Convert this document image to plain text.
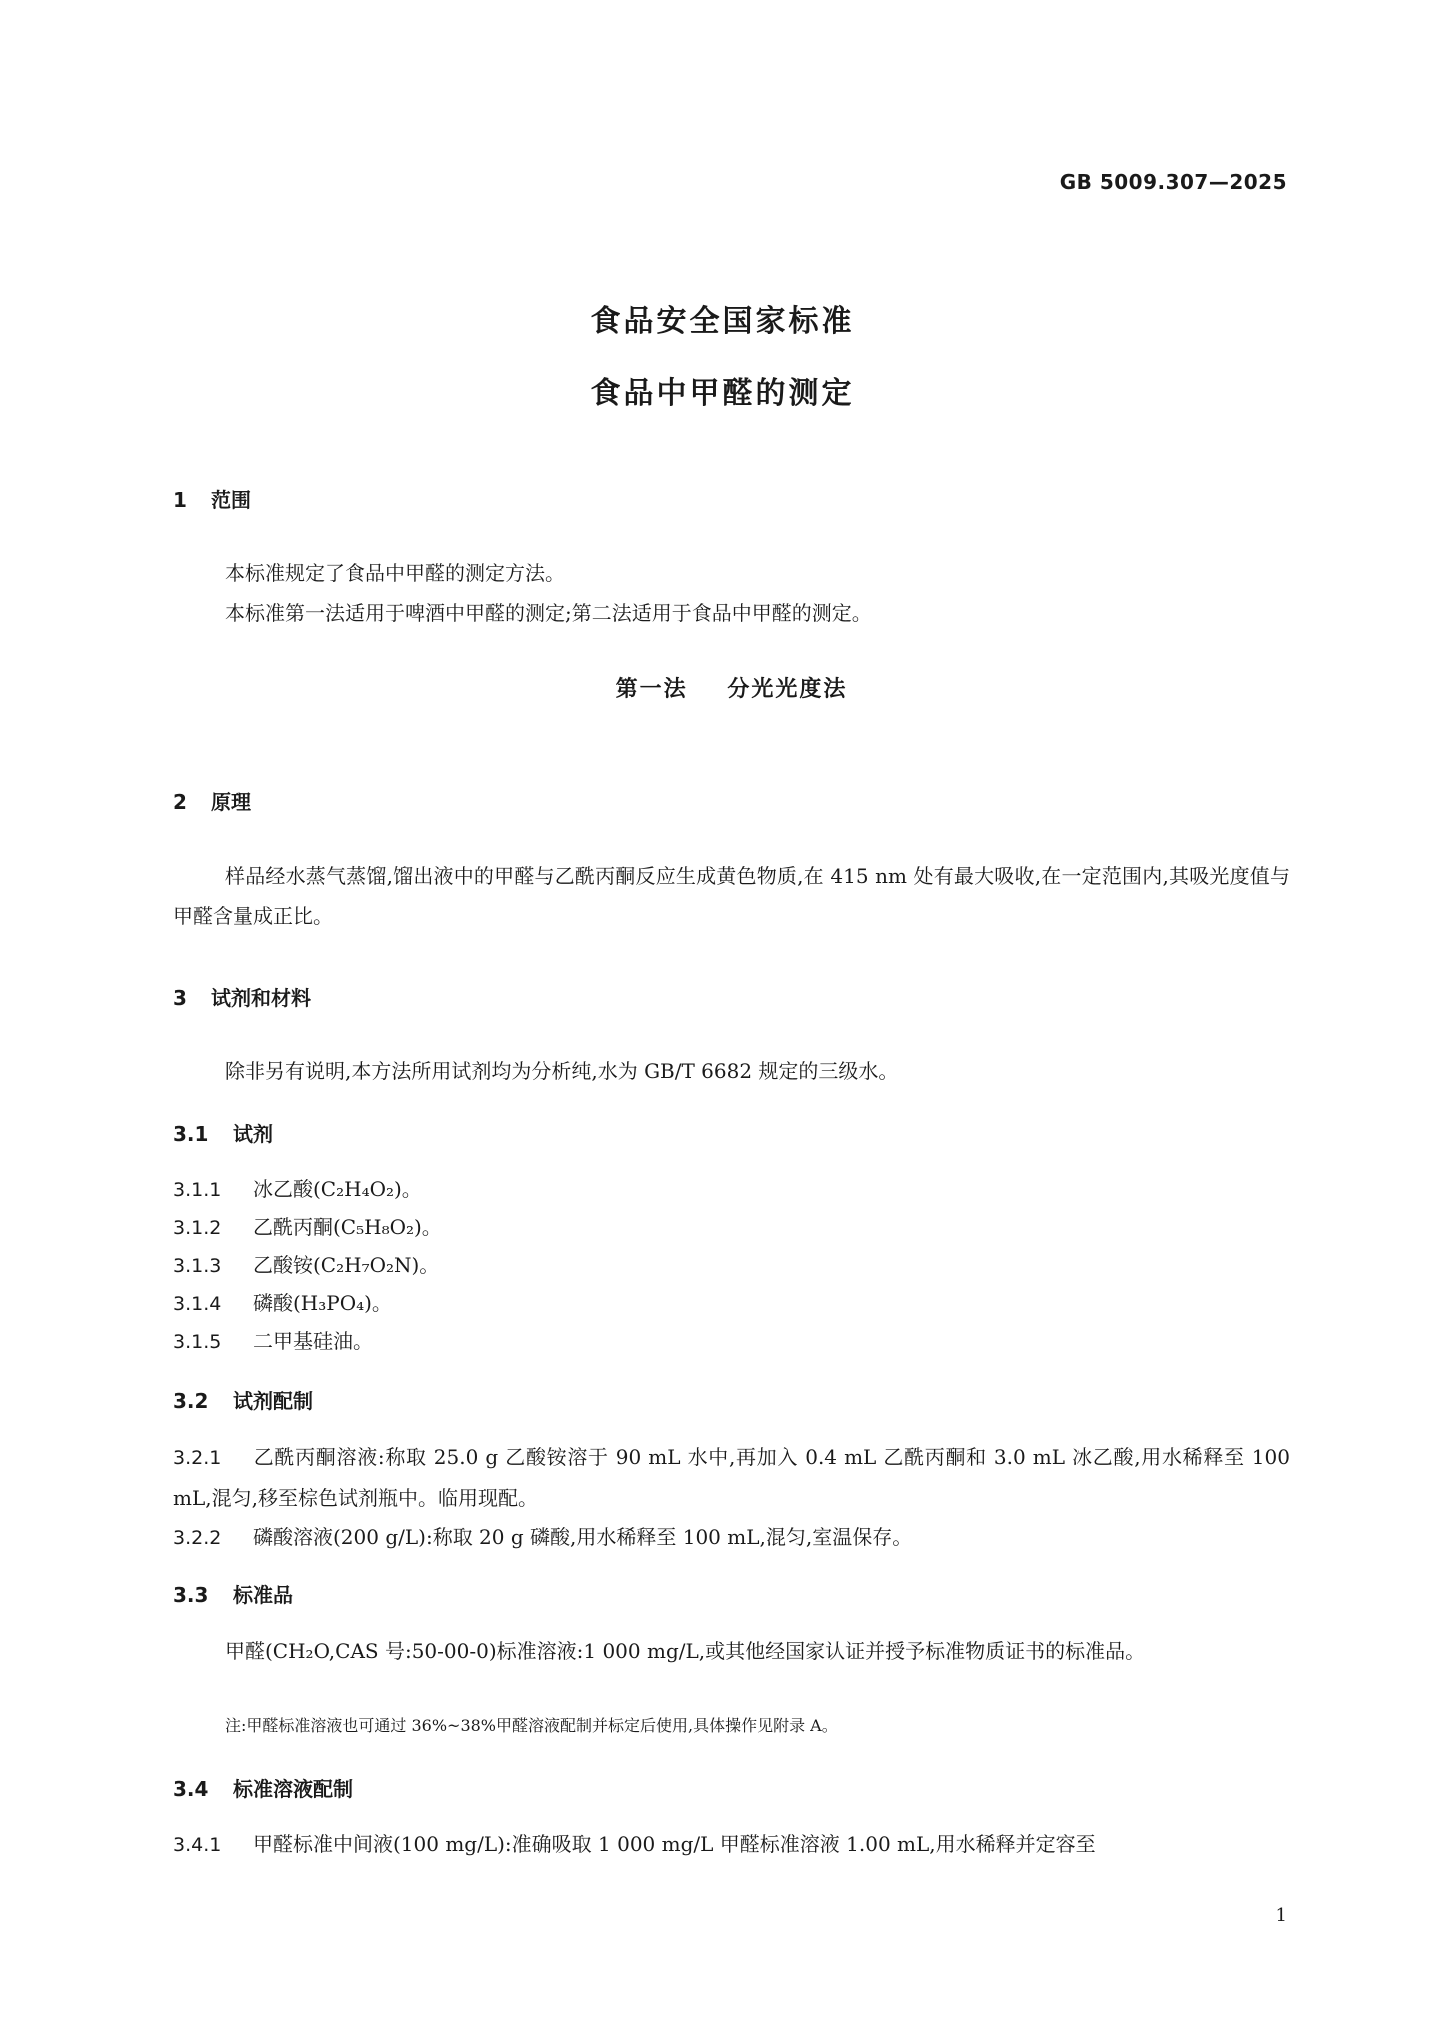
GB 5009.307—2025
食品安全国家标准
食品中甲醛的测定
1 范围
本标准规定了食品中甲醛的测定方法。
本标准第一法适用于啤酒中甲醛的测定;第二法适用于食品中甲醛的测定。
第一法 分光光度法
2 原理
样品经水蒸气蒸馏,馏出液中的甲醛与乙酰丙酮反应生成黄色物质,在 415 nm 处有最大吸收,在一定范围内,其吸光度值与甲醛含量成正比。
3 试剂和材料
除非另有说明,本方法所用试剂均为分析纯,水为 GB/T 6682 规定的三级水。
3.1 试剂
3.1.1 冰乙酸(C₂H₄O₂)。
3.1.2 乙酰丙酮(C₅H₈O₂)。
3.1.3 乙酸铵(C₂H₇O₂N)。
3.1.4 磷酸(H₃PO₄)。
3.1.5 二甲基硅油。
3.2 试剂配制
3.2.1 乙酰丙酮溶液:称取 25.0 g 乙酸铵溶于 90 mL 水中,再加入 0.4 mL 乙酰丙酮和 3.0 mL 冰乙酸,用水稀释至 100 mL,混匀,移至棕色试剂瓶中。临用现配。
3.2.2 磷酸溶液(200 g/L):称取 20 g 磷酸,用水稀释至 100 mL,混匀,室温保存。
3.3 标准品
甲醛(CH₂O,CAS 号:50-00-0)标准溶液:1 000 mg/L,或其他经国家认证并授予标准物质证书的标准品。
注:甲醛标准溶液也可通过 36%~38%甲醛溶液配制并标定后使用,具体操作见附录 A。
3.4 标准溶液配制
3.4.1 甲醛标准中间液(100 mg/L):准确吸取 1 000 mg/L 甲醛标准溶液 1.00 mL,用水稀释并定容至
1
